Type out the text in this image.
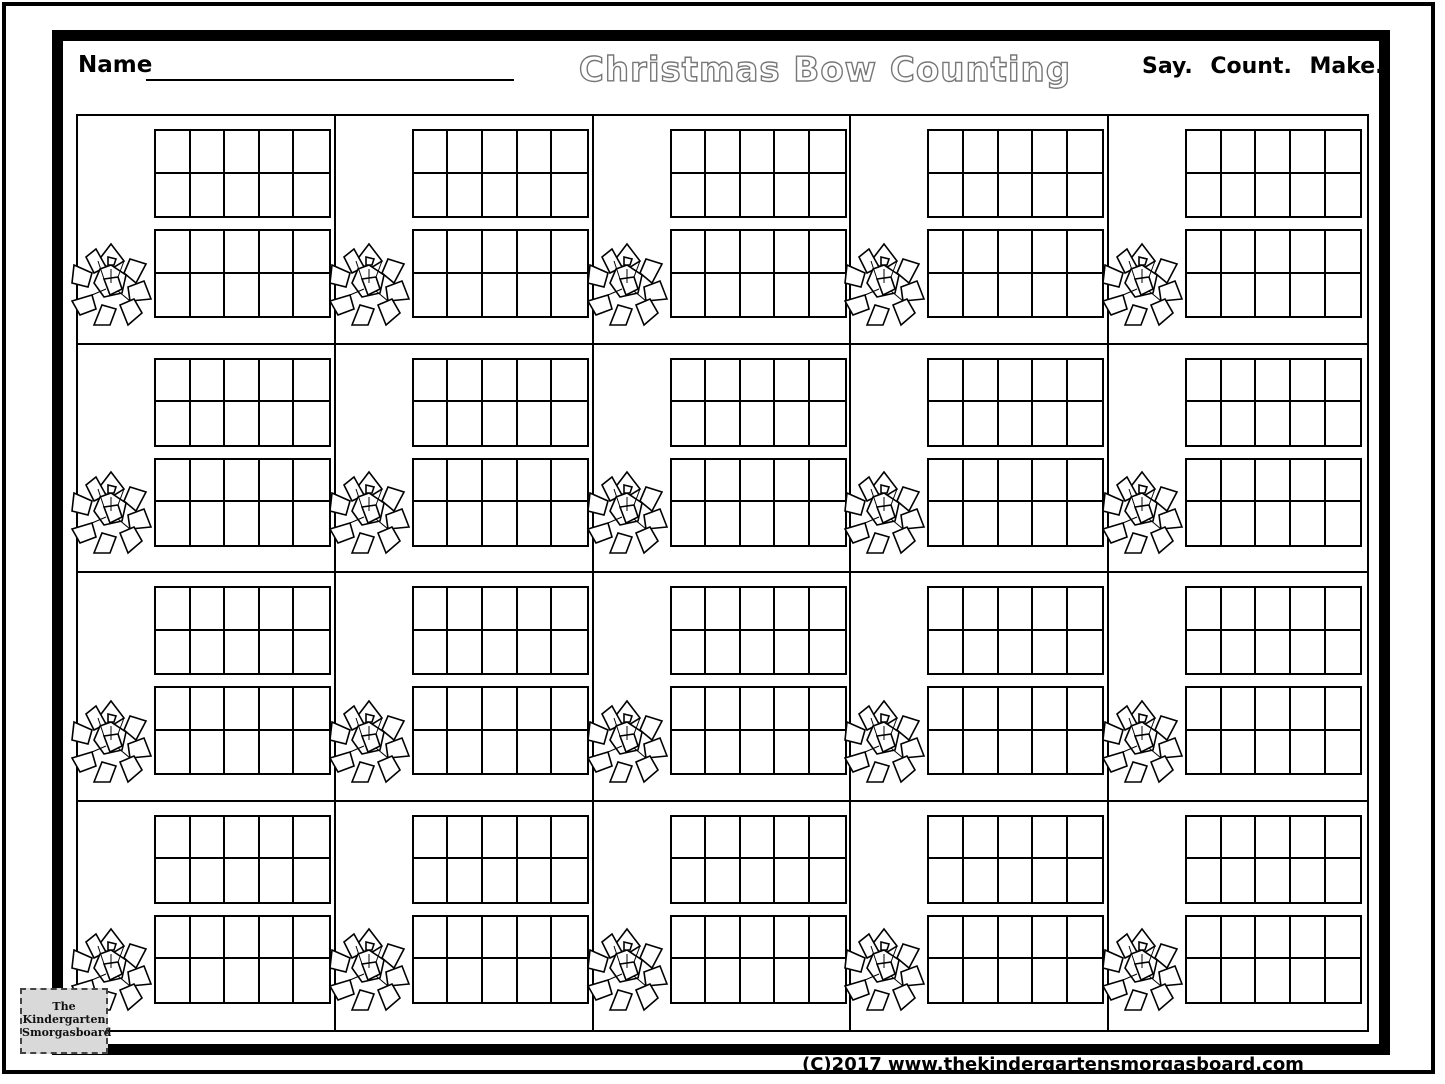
Name	Christmas Bow Counting	Say. Count. Make.
The
Kindergarten
Smorgasboard
(C)2017 www.thekindergartensmorgasboard.com
